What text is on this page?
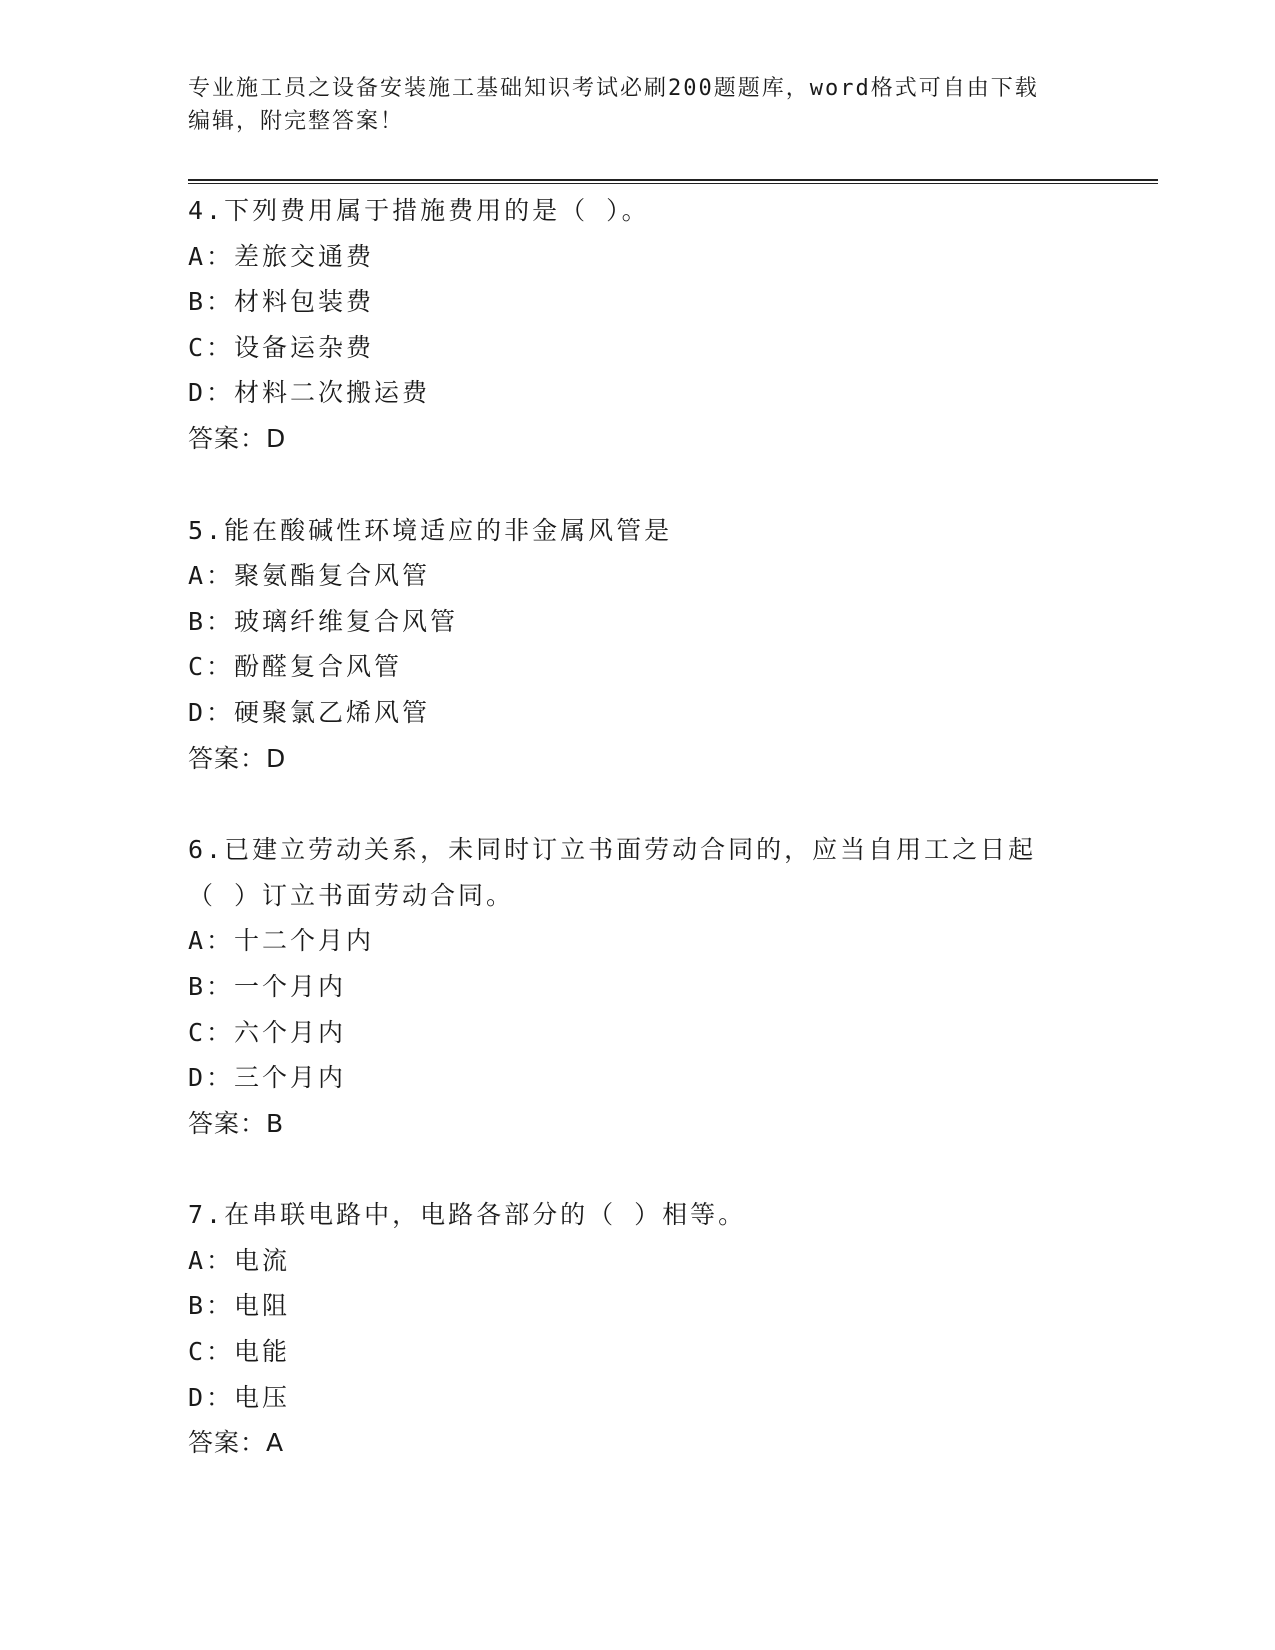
专业施工员之设备安装施工基础知识考试必刷200题题库，word格式可自由下载
编辑，附完整答案！
4.下列费用属于措施费用的是（ ）。
A：差旅交通费
B：材料包装费
C：设备运杂费
D：材料二次搬运费
答案：D
5.能在酸碱性环境适应的非金属风管是
A：聚氨酯复合风管
B：玻璃纤维复合风管
C：酚醛复合风管
D：硬聚氯乙烯风管
答案：D
6.已建立劳动关系，未同时订立书面劳动合同的，应当自用工之日起
（ ）订立书面劳动合同。
A：十二个月内
B：一个月内
C：六个月内
D：三个月内
答案：B
7.在串联电路中，电路各部分的（ ）相等。
A：电流
B：电阻
C：电能
D：电压
答案：A
